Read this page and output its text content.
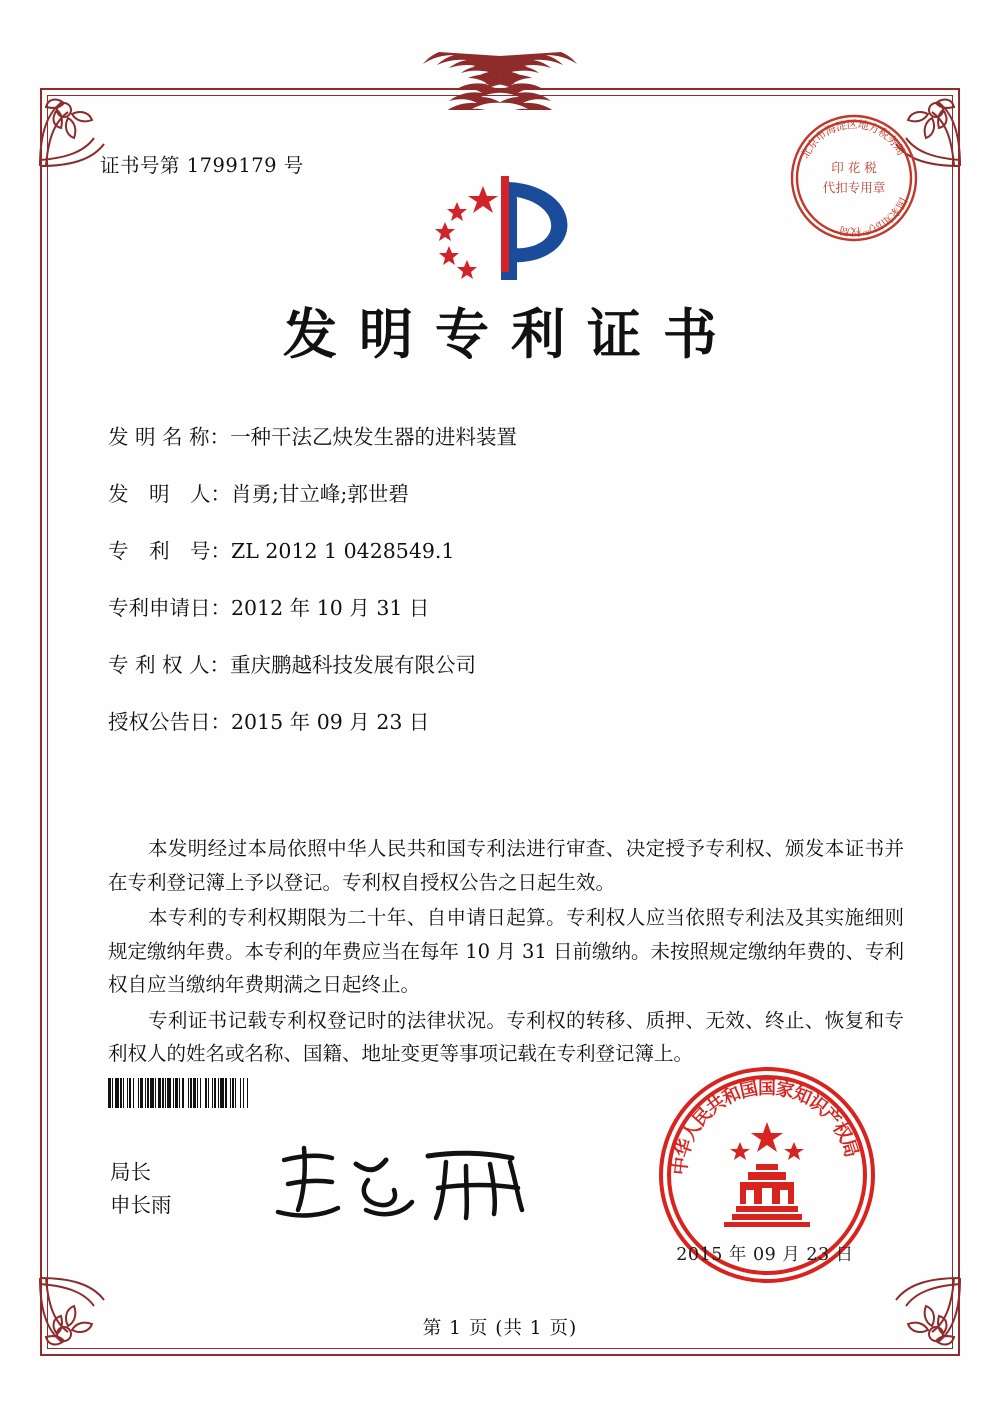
证书号第 1799179 号
北
京
市
海
淀
区
地
方
税
务
局
国
家
知
识
产
权
局
印 花 税
代扣专用章
发明专利证书
发 明 名 称： 一种干法乙炔发生器的进料装置
发　明　人： 肖勇;甘立峰;郭世碧
专　利　号： ZL 2012 1 0428549.1
专利申请日： 2012 年 10 月 31 日
专 利 权 人： 重庆鹏越科技发展有限公司
授权公告日： 2015 年 09 月 23 日

本发明经过本局依照中华人民共和国专利法进行审查、决定授予专利权、颁发本证书并在专利登记簿上予以登记。专利权自授权公告之日起生效。

本专利的专利权期限为二十年、自申请日起算。专利权人应当依照专利法及其实施细则规定缴纳年费。本专利的年费应当在每年 10 月 31 日前缴纳。未按照规定缴纳年费的、专利权自应当缴纳年费期满之日起终止。

专利证书记载专利权登记时的法律状况。专利权的转移、质押、无效、终止、恢复和专利权人的姓名或名称、国籍、地址变更等事项记载在专利登记簿上。

局长
申长雨
中
华
人
民
共
和
国
国
家
知
识
产
权
局
2015 年 09 月 23 日
第 1 页 (共 1 页)
